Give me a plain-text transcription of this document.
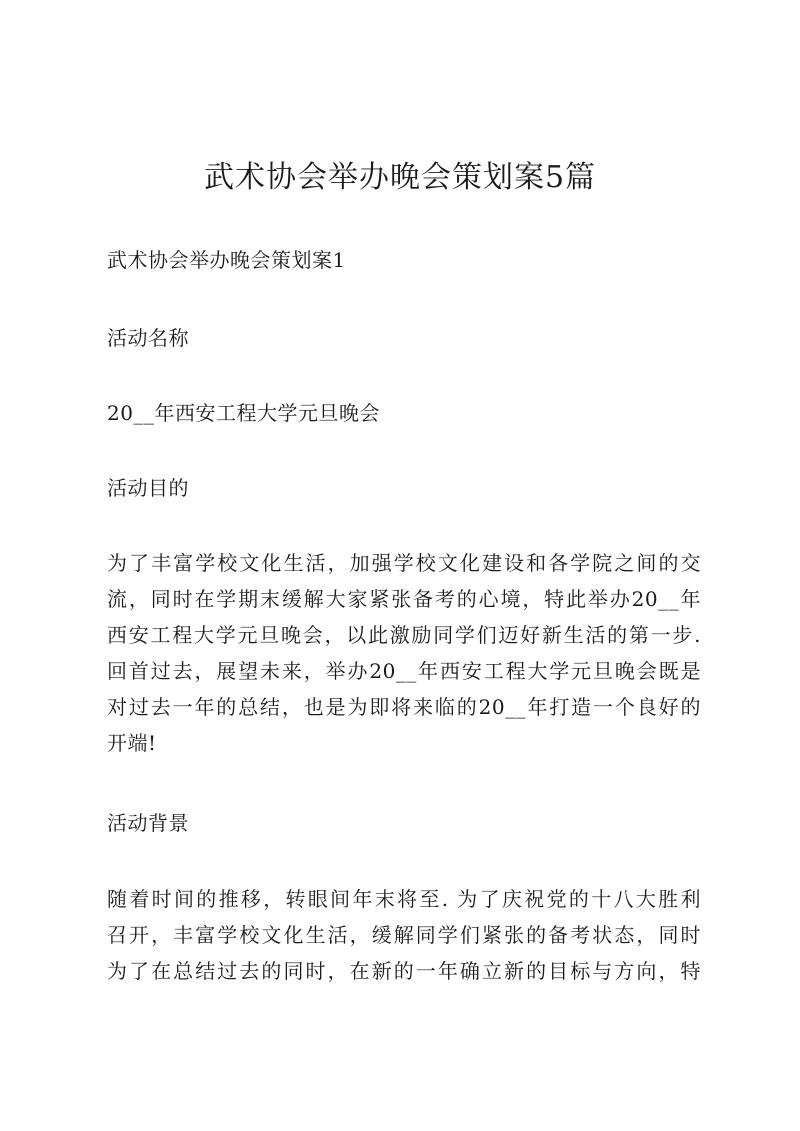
武术协会举办晚会策划案5篇

武术协会举办晚会策划案1

活动名称

20__年西安工程大学元旦晚会

活动目的

为了丰富学校文化生活，加强学校文化建设和各学院之间的交
流，同时在学期末缓解大家紧张备考的心境，特此举办20__年
西安工程大学元旦晚会，以此激励同学们迈好新生活的第一步.
回首过去，展望未来，举办20__年西安工程大学元旦晚会既是
对过去一年的总结，也是为即将来临的20__年打造一个良好的
开端!

活动背景

随着时间的推移，转眼间年末将至. 为了庆祝党的十八大胜利
召开，丰富学校文化生活，缓解同学们紧张的备考状态，同时
为了在总结过去的同时，在新的一年确立新的目标与方向，特
